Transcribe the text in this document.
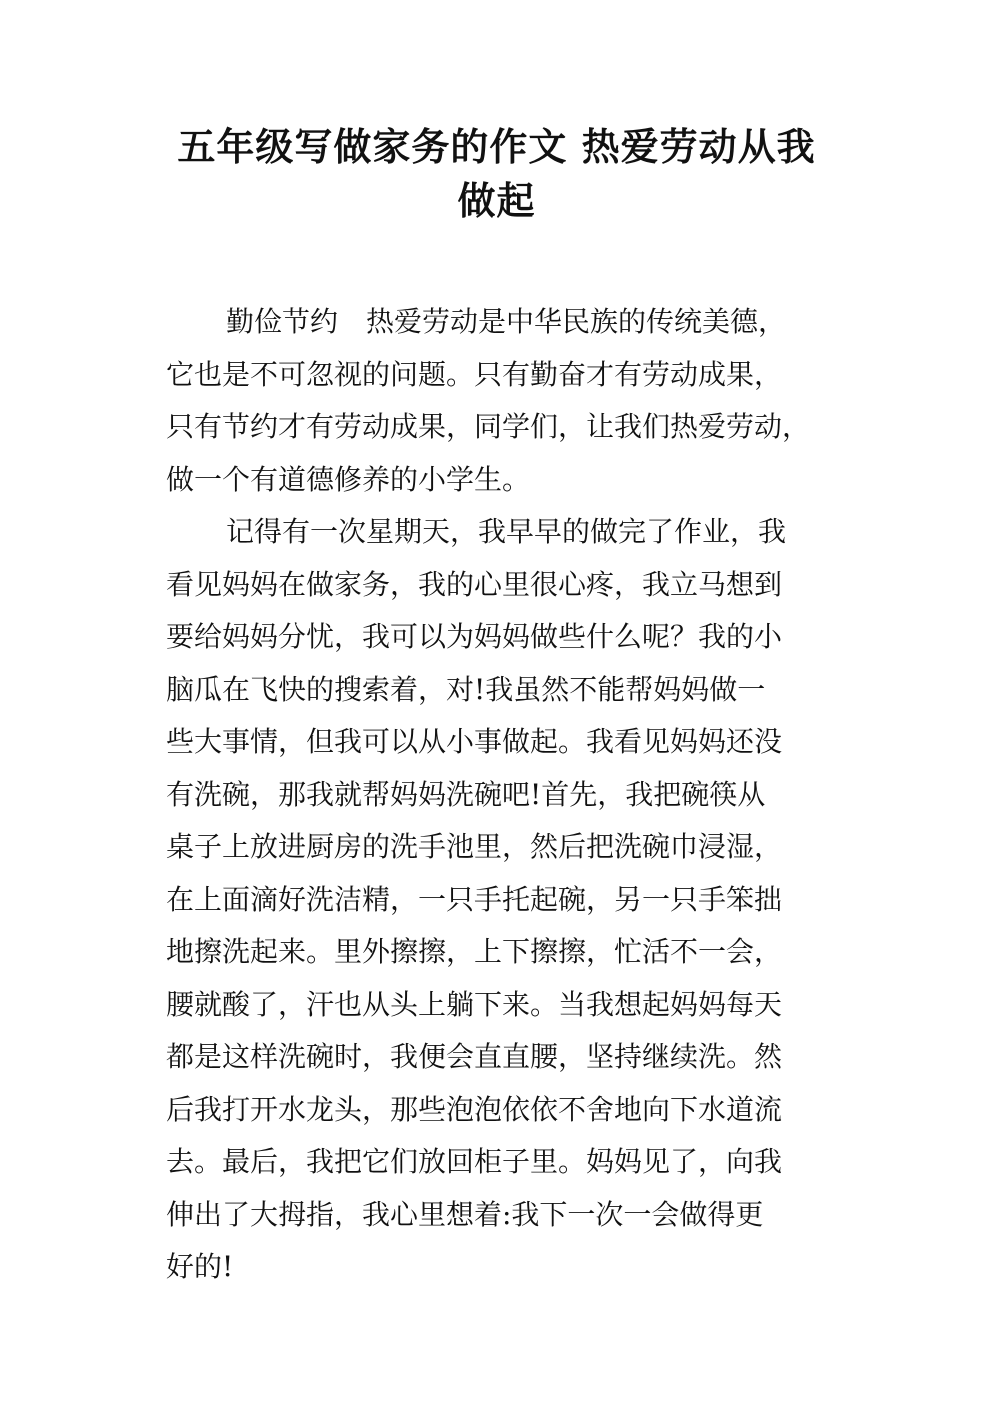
五年级写做家务的作文 热爱劳动从我
做起
勤俭节约　热爱劳动是中华民族的传统美德，
它也是不可忽视的问题。只有勤奋才有劳动成果，
只有节约才有劳动成果，同学们，让我们热爱劳动，
做一个有道德修养的小学生。
记得有一次星期天，我早早的做完了作业，我
看见妈妈在做家务，我的心里很心疼，我立马想到
要给妈妈分忧，我可以为妈妈做些什么呢？我的小
脑瓜在飞快的搜索着，对!我虽然不能帮妈妈做一
些大事情，但我可以从小事做起。我看见妈妈还没
有洗碗，那我就帮妈妈洗碗吧!首先，我把碗筷从
桌子上放进厨房的洗手池里，然后把洗碗巾浸湿，
在上面滴好洗洁精，一只手托起碗，另一只手笨拙
地擦洗起来。里外擦擦，上下擦擦，忙活不一会，
腰就酸了，汗也从头上躺下来。当我想起妈妈每天
都是这样洗碗时，我便会直直腰，坚持继续洗。然
后我打开水龙头，那些泡泡依依不舍地向下水道流
去。最后，我把它们放回柜子里。妈妈见了，向我
伸出了大拇指，我心里想着:我下一次一会做得更
好的!
